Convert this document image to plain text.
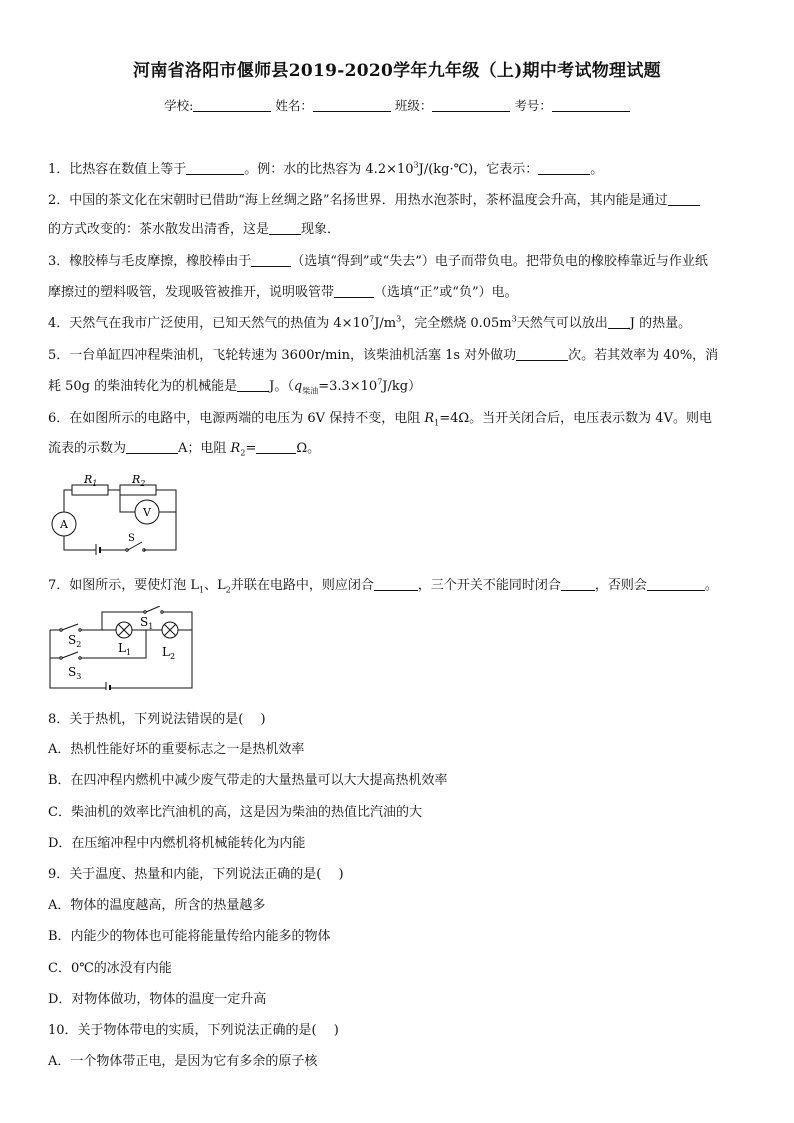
河南省洛阳市偃师县2019-2020学年九年级（上)期中考试物理试题
学校:	姓名：	班级：	考号：
1．比热容在数值上等于	。例：水的比热容为 $4.2\times 10^3J/(kg\cdot℃)$，它表示：	。
2．中国的茶文化在宋朝时已借助“海上丝绸之路”名扬世界．用热水泡茶时，茶杯温度会升高，其内能是通过
的方式改变的：茶水散发出清香，这是 现象．
3．橡胶棒与毛皮摩擦，橡胶棒由于	（选填“得到”或“失去”）电子而带负电。把带负电的橡胶棒靠近与作业纸
摩擦过的塑料吸管，发现吸管被推开，说明吸管带	（选填“正”或“负”）电。
4．天然气在我市广泛使用，已知天然气的热值为 $4\times 10^7J/m^3$，完全燃烧 $0.05m^3$天然气可以放出 J 的热量。
5．一台单缸四冲程柴油机，飞轮转速为 3600r/min，该柴油机活塞 1s 对外做功	次。若其效率为 40%，消
耗 50g 的柴油转化为的机械能是 J。$(q_{柴油}=3.3\times 10^7J/kg)$
6．在如图所示的电路中，电源两端的电压为 6V 保持不变，电阻 $R_1=4\Omega$。当开关闭合后，电压表示数为 4V。则电
流表的示数为	A；电阻 $R_2=$	Ω。
$R_1$	$R_2$
V
A
S
7．如图所示，要使灯泡 $L_1$、$L_2$并联在电路中，则应闭合	，三个开关不能同时闭合	，否则会	。
$S_1$
$S_2$
$S_3$
$L_1$	$L_2$
8．关于热机，下列说法错误的是(　 )
A．热机性能好坏的重要标志之一是热机效率
B．在四冲程内燃机中减少废气带走的大量热量可以大大提高热机效率
C．柴油机的效率比汽油机的高，这是因为柴油的热值比汽油的大
D．在压缩冲程中内燃机将机械能转化为内能
9．关于温度、热量和内能，下列说法正确的是(　 )
A．物体的温度越高，所含的热量越多
B．内能少的物体也可能将能量传给内能多的物体
C．0℃的冰没有内能
D．对物体做功，物体的温度一定升高
10．关于物体带电的实质，下列说法正确的是(　 )
A．一个物体带正电，是因为它有多余的原子核
